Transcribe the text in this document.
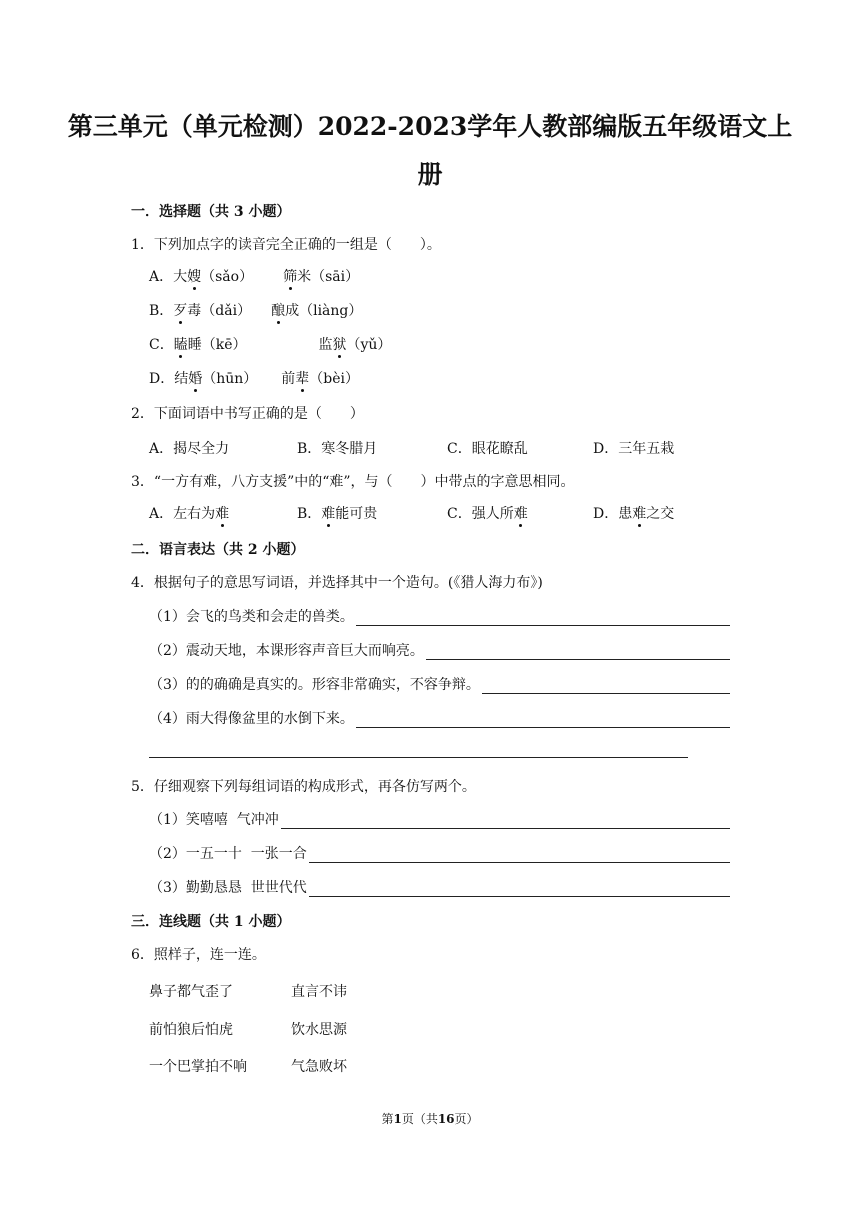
第三单元（单元检测）2022-2023学年人教部编版五年级语文上
册
一．选择题（共 3 小题）
1．下列加点字的读音完全正确的一组是（　　）。
A．大嫂（sǎo） 筛米（sāi）
B．歹毒（dǎi） 酿成（liàng）
C．瞌睡（kē）	监狱（yǔ）
D．结婚（hūn） 前辈（bèi）
2．下面词语中书写正确的是（　　）
A．揭尽全力	B．寒冬腊月	C．眼花瞭乱	D．三年五栽
3．“一方有难，八方支援”中的“难”，与（　　）中带点的字意思相同。
A．左右为难	B．难能可贵	C．强人所难	D．患难之交
二．语言表达（共 2 小题）
4．根据句子的意思写词语，并选择其中一个造句。(《猎人海力布》)
（1）会飞的鸟类和会走的兽类。
（2）震动天地，本课形容声音巨大而响亮。
（3）的的确确是真实的。形容非常确实，不容争辩。
（4）雨大得像盆里的水倒下来。
5．仔细观察下列每组词语的构成形式，再各仿写两个。
（1）笑嘻嘻  气冲冲
（2）一五一十  一张一合
（3）勤勤恳恳  世世代代
三．连线题（共 1 小题）
6．照样子，连一连。
鼻子都气歪了	直言不讳
前怕狼后怕虎	饮水思源
一个巴掌拍不响	气急败坏
第1页（共16页）
